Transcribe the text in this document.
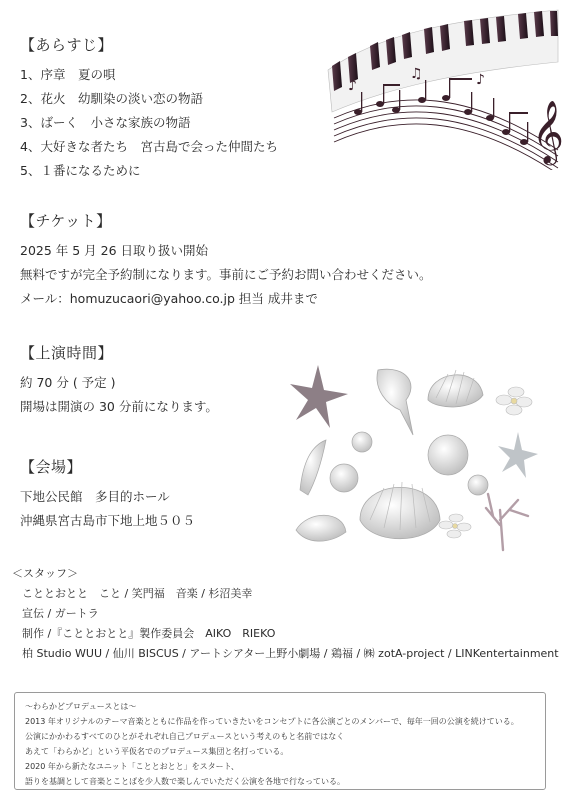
【あらすじ】
1、序章　夏の唄
2、花火　幼馴染の淡い恋の物語
3、ばーく　小さな家族の物語
4、大好きな者たち　宮古島で会った仲間たち
5、１番になるために
【チケット】
2025 年 5 月 26 日取り扱い開始
無料ですが完全予約制になります。事前にご予約お問い合わせください。
メール：homuzucaori@yahoo.co.jp 担当 成井まで
【上演時間】
約 70 分 ( 予定 )
開場は開演の 30 分前になります。
【会場】
下地公民館　多目的ホール
沖縄県宮古島市下地上地５０５
＜スタッフ＞
こととおとと　こと / 笑門福　音楽 / 杉沼美幸
宣伝 / ガートラ
制作 /『こととおとと』製作委員会　AIKO　RIEKO
柏 Studio WUU / 仙川 BISCUS / アートシアター上野小劇場 / 鶏福 / ㈱ zotA-project / LINKentertainment
〜わらかどプロデュースとは〜
2013 年オリジナルのテーマ音楽とともに作品を作っていきたいをコンセプトに各公演ごとのメンバーで、毎年一回の公演を続けている。
公演にかかわるすべてのひとがそれぞれ自己プロデュースという考えのもと名前ではなく
あえて「わらかど」という平仮名でのプロデュース集団と名打っている。
2020 年から新たなユニット「こととおとと」をスタート、
語りを基調として音楽とことばを少人数で楽しんでいただく公演を各地で行なっている。
♪
♫	♪
𝄞
